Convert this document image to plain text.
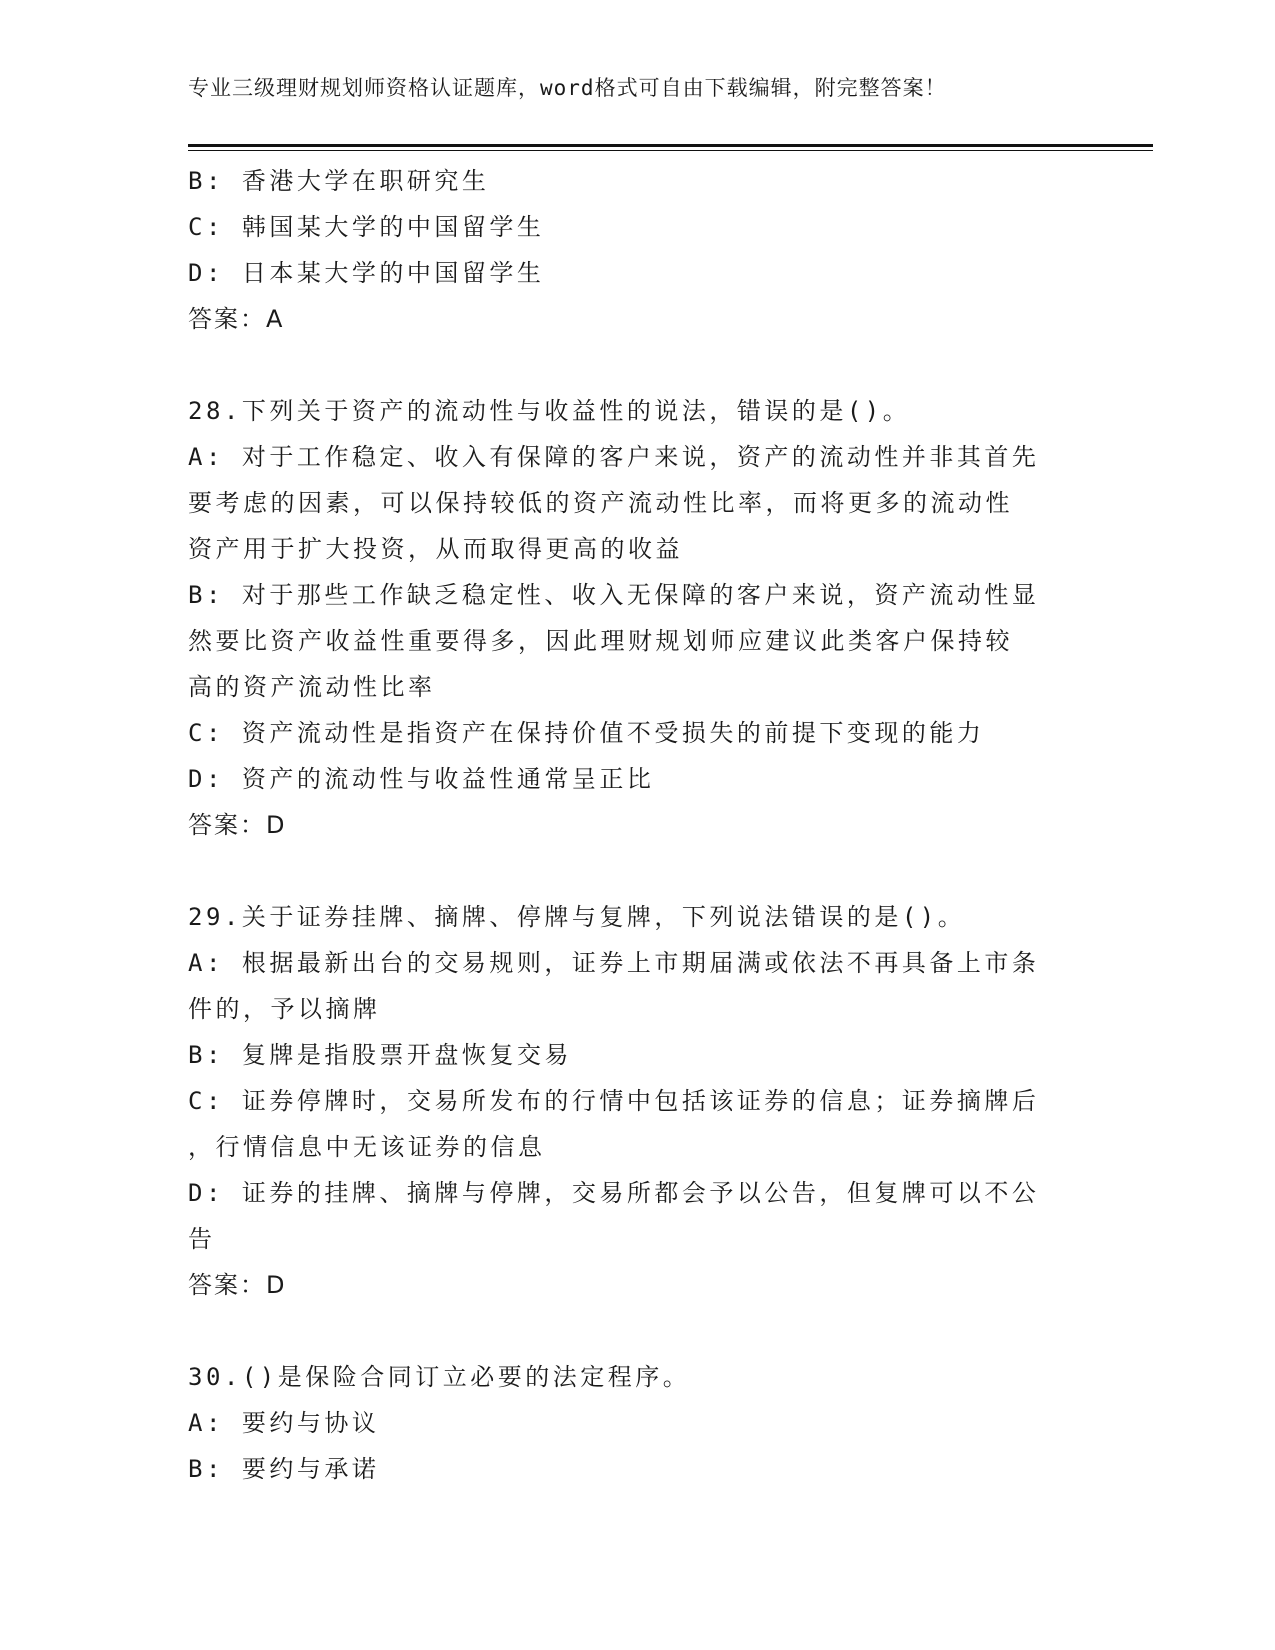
专业三级理财规划师资格认证题库，word格式可自由下载编辑，附完整答案！
B: 香港大学在职研究生
C: 韩国某大学的中国留学生
D: 日本某大学的中国留学生
答案：A
28.下列关于资产的流动性与收益性的说法，错误的是()。
A: 对于工作稳定、收入有保障的客户来说，资产的流动性并非其首先
要考虑的因素，可以保持较低的资产流动性比率，而将更多的流动性
资产用于扩大投资，从而取得更高的收益
B: 对于那些工作缺乏稳定性、收入无保障的客户来说，资产流动性显
然要比资产收益性重要得多，因此理财规划师应建议此类客户保持较
高的资产流动性比率
C: 资产流动性是指资产在保持价值不受损失的前提下变现的能力
D: 资产的流动性与收益性通常呈正比
答案：D
29.关于证券挂牌、摘牌、停牌与复牌，下列说法错误的是()。
A: 根据最新出台的交易规则，证券上市期届满或依法不再具备上市条
件的，予以摘牌
B: 复牌是指股票开盘恢复交易
C: 证券停牌时，交易所发布的行情中包括该证券的信息；证券摘牌后
，行情信息中无该证券的信息
D: 证券的挂牌、摘牌与停牌，交易所都会予以公告，但复牌可以不公
告
答案：D
30.()是保险合同订立必要的法定程序。
A: 要约与协议
B: 要约与承诺
